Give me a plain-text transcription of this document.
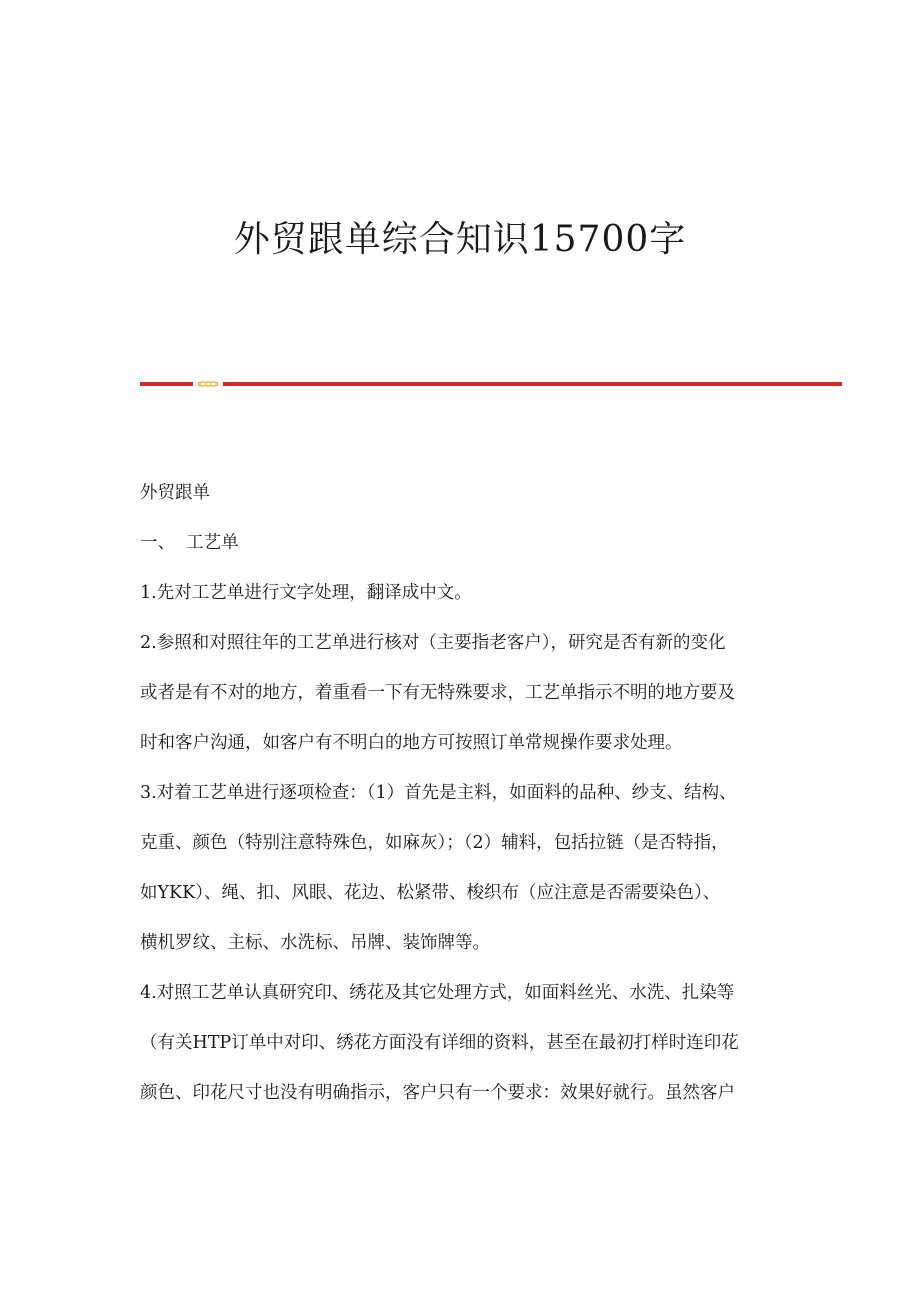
外贸跟单综合知识15700字

外贸跟单

一、  工艺单

1.先对工艺单进行文字处理，翻译成中文。
2.参照和对照往年的工艺单进行核对（主要指老客户），研究是否有新的变化
或者是有不对的地方，着重看一下有无特殊要求，工艺单指示不明的地方要及
时和客户沟通，如客户有不明白的地方可按照订单常规操作要求处理。
3.对着工艺单进行逐项检查：（1）首先是主料，如面料的品种、纱支、结构、
克重、颜色（特别注意特殊色，如麻灰）；（2）辅料，包括拉链（是否特指，
如YKK）、绳、扣、风眼、花边、松紧带、梭织布（应注意是否需要染色）、
横机罗纹、主标、水洗标、吊牌、装饰牌等。
4.对照工艺单认真研究印、绣花及其它处理方式，如面料丝光、水洗、扎染等
（有关HTP订单中对印、绣花方面没有详细的资料，甚至在最初打样时连印花
颜色、印花尺寸也没有明确指示，客户只有一个要求：效果好就行。虽然客户
